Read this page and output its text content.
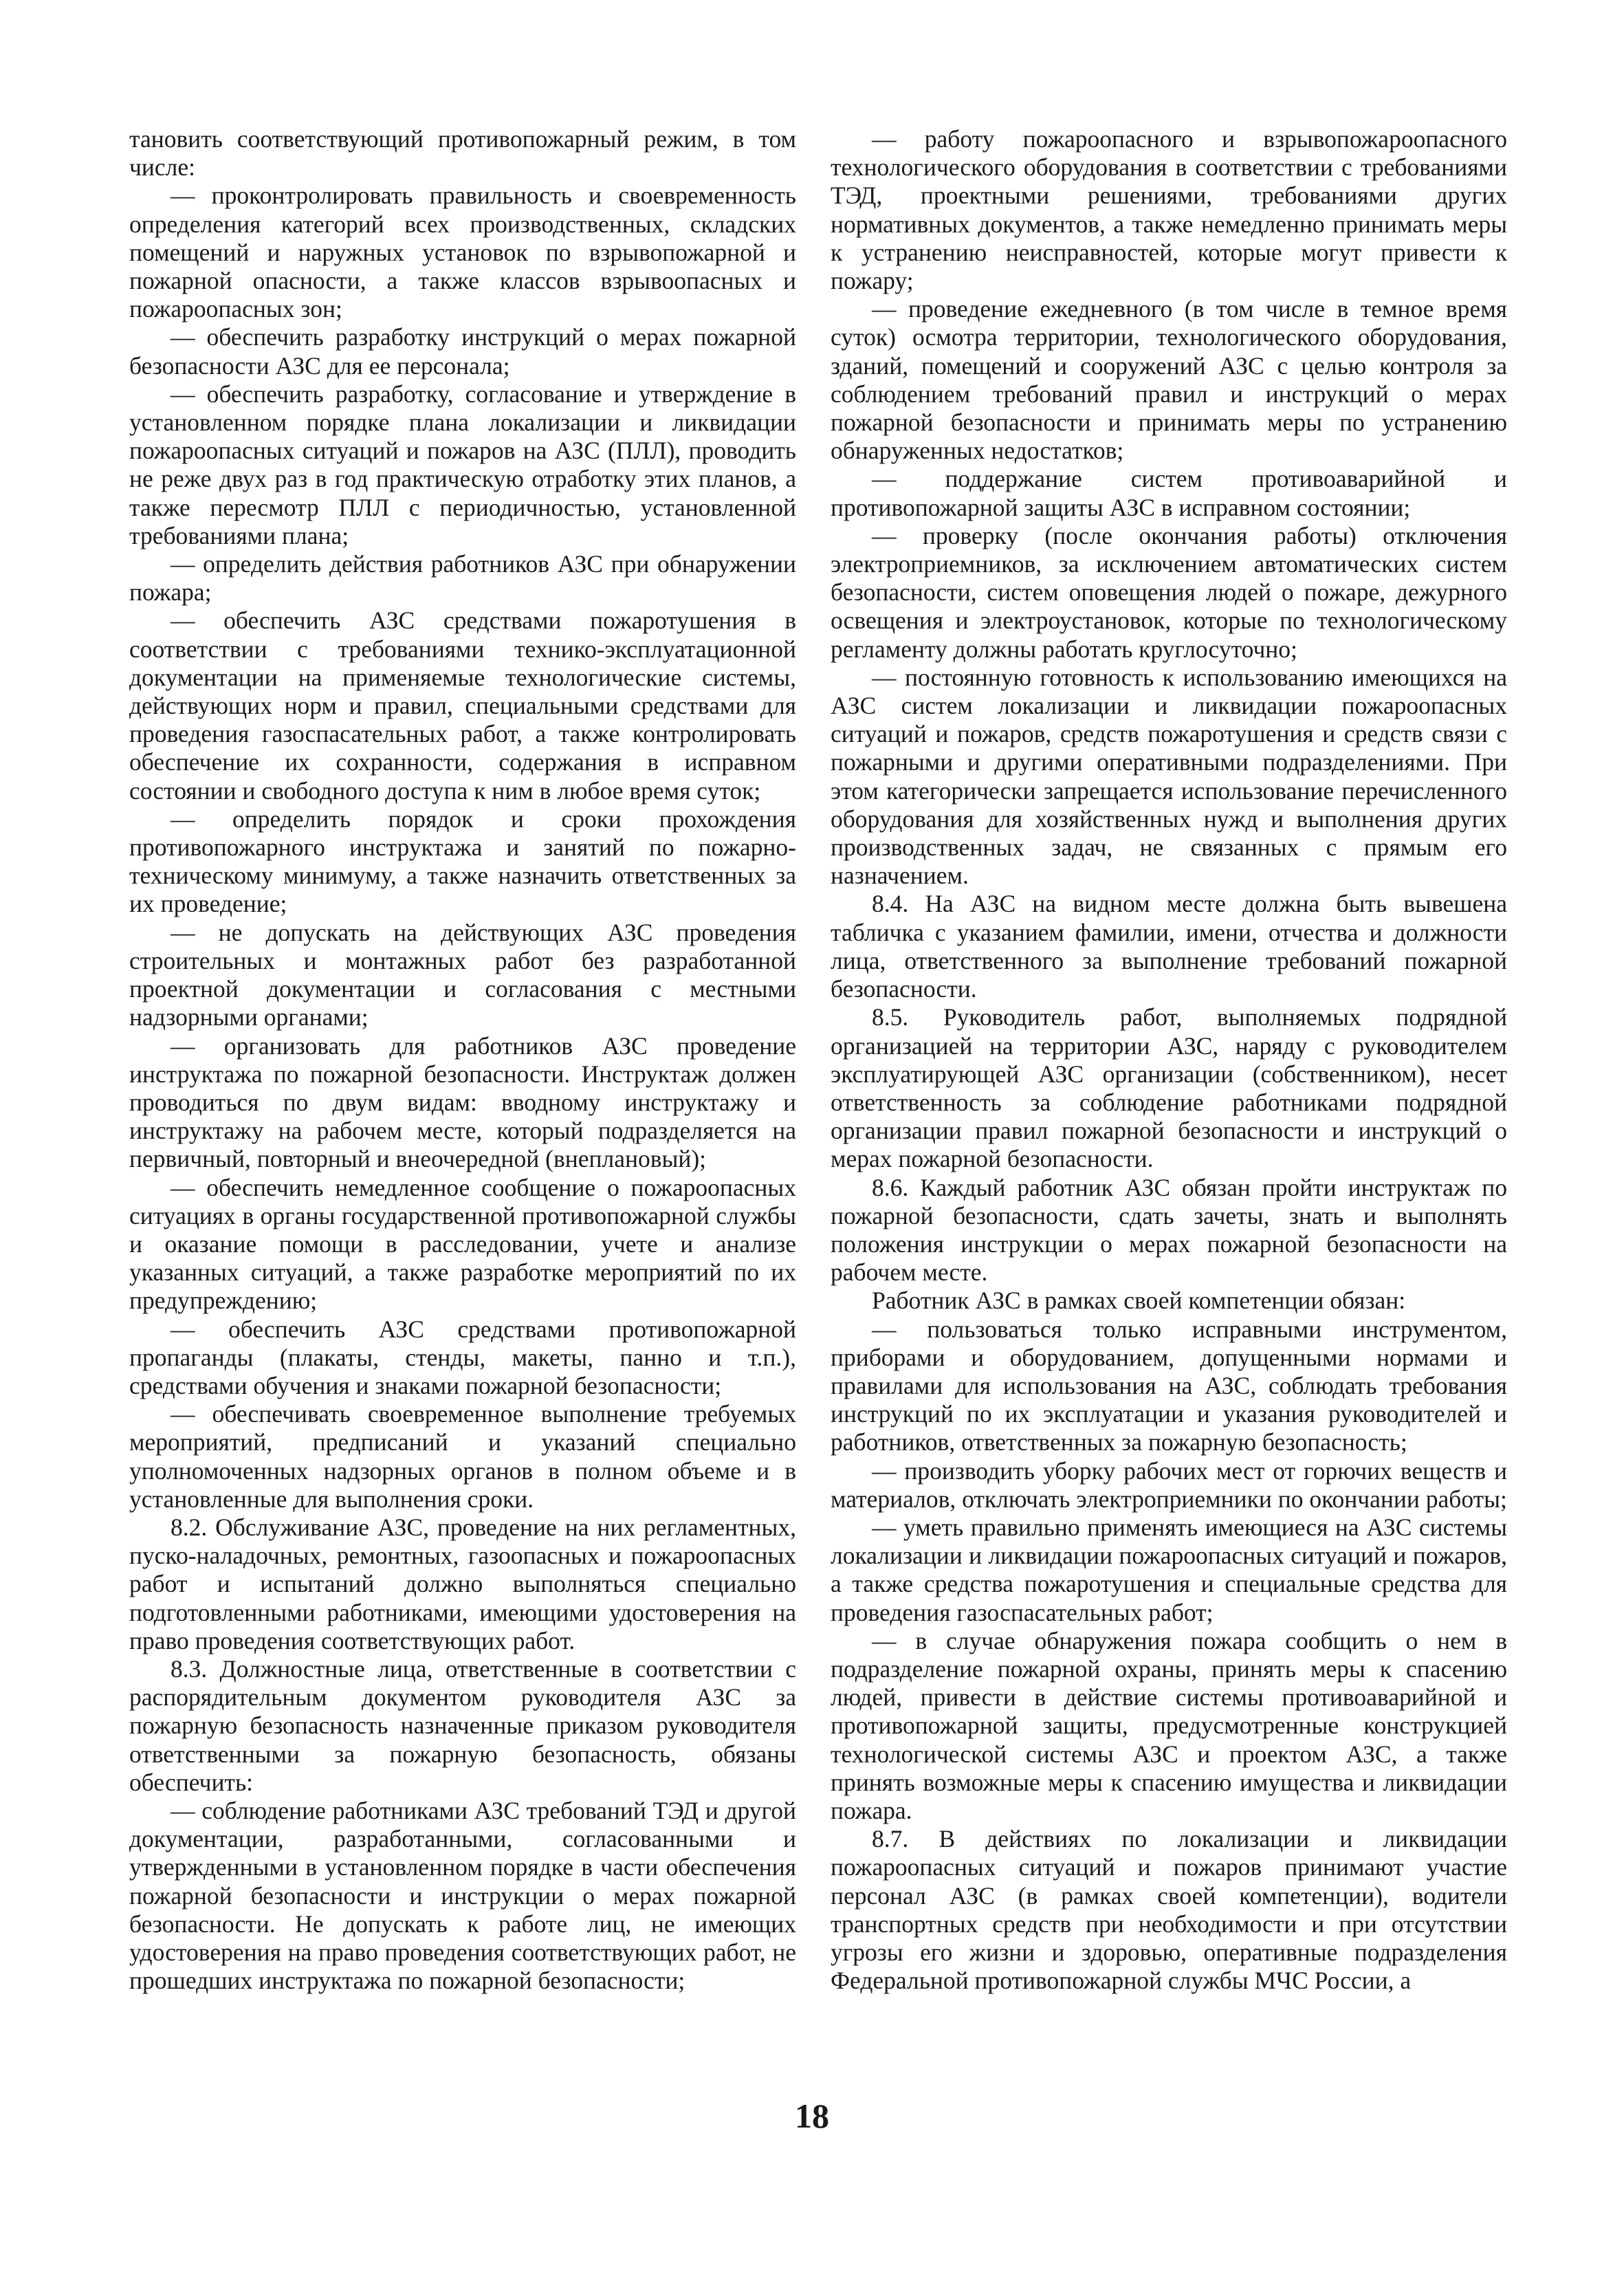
тановить соответствующий противопожарный режим, в том числе:

— проконтролировать правильность и своевременность определения категорий всех производственных, складских помещений и наружных установок по взрывопожарной и пожарной опасности, а также классов взрывоопасных и пожароопасных зон;

— обеспечить разработку инструкций о мерах пожарной безопасности АЗС для ее персонала;

— обеспечить разработку, согласование и утверждение в установленном порядке плана локализации и ликвидации пожароопасных ситуаций и пожаров на АЗС (ПЛЛ), проводить не реже двух раз в год практическую отработку этих планов, а также пересмотр ПЛЛ с периодичностью, установленной требованиями плана;

— определить действия работников АЗС при обнаружении пожара;

— обеспечить АЗС средствами пожаротушения в соответствии с требованиями технико-эксплуатационной документации на применяемые технологические системы, действующих норм и правил, специальными средствами для проведения газоспасательных работ, а также контролировать обеспечение их сохранности, содержания в исправном состоянии и свободного доступа к ним в любое время суток;

— определить порядок и сроки прохождения противопожарного инструктажа и занятий по пожарно-техническому минимуму, а также назначить ответственных за их проведение;

— не допускать на действующих АЗС проведения строительных и монтажных работ без разработанной проектной документации и согласования с местными надзорными органами;

— организовать для работников АЗС проведение инструктажа по пожарной безопасности. Инструктаж должен проводиться по двум видам: вводному инструктажу и инструктажу на рабочем месте, который подразделяется на первичный, повторный и внеочередной (внеплановый);

— обеспечить немедленное сообщение о пожароопасных ситуациях в органы государственной противопожарной службы и оказание помощи в расследовании, учете и анализе указанных ситуаций, а также разработке мероприятий по их предупреждению;

— обеспечить АЗС средствами противопожарной пропаганды (плакаты, стенды, макеты, панно и т.п.), средствами обучения и знаками пожарной безопасности;

— обеспечивать своевременное выполнение требуемых мероприятий, предписаний и указаний специально уполномоченных надзорных органов в полном объеме и в установленные для выполнения сроки.

8.2. Обслуживание АЗС, проведение на них регламентных, пуско-наладочных, ремонтных, газоопасных и пожароопасных работ и испытаний должно выполняться специально подготовленными работниками, имеющими удостоверения на право проведения соответствующих работ.

8.3. Должностные лица, ответственные в соответствии с распорядительным документом руководителя АЗС за пожарную безопасность назначенные приказом руководителя ответственными за пожарную безопасность, обязаны обеспечить:

— соблюдение работниками АЗС требований ТЭД и другой документации, разработанными, согласованными и утвержденными в установленном порядке в части обеспечения пожарной безопасности и инструкции о мерах пожарной безопасности. Не допускать к работе лиц, не имеющих удостоверения на право проведения соответствующих работ, не прошедших инструктажа по пожарной безопасности;

— работу пожароопасного и взрывопожароопасного технологического оборудования в соответствии с требованиями ТЭД, проектными решениями, требованиями других нормативных документов, а также немедленно принимать меры к устранению неисправностей, которые могут привести к пожару;

— проведение ежедневного (в том числе в темное время суток) осмотра территории, технологического оборудования, зданий, помещений и сооружений АЗС с целью контроля за соблюдением требований правил и инструкций о мерах пожарной безопасности и принимать меры по устранению обнаруженных недостатков;

— поддержание систем противоаварийной и противопожарной защиты АЗС в исправном состоянии;

— проверку (после окончания работы) отключения электроприемников, за исключением автоматических систем безопасности, систем оповещения людей о пожаре, дежурного освещения и электроустановок, которые по технологическому регламенту должны работать круглосуточно;

— постоянную готовность к использованию имеющихся на АЗС систем локализации и ликвидации пожароопасных ситуаций и пожаров, средств пожаротушения и средств связи с пожарными и другими оперативными подразделениями. При этом категорически запрещается использование перечисленного оборудования для хозяйственных нужд и выполнения других производственных задач, не связанных с прямым его назначением.

8.4. На АЗС на видном месте должна быть вывешена табличка с указанием фамилии, имени, отчества и должности лица, ответственного за выполнение требований пожарной безопасности.

8.5. Руководитель работ, выполняемых подрядной организацией на территории АЗС, наряду с руководителем эксплуатирующей АЗС организации (собственником), несет ответственность за соблюдение работниками подрядной организации правил пожарной безопасности и инструкций о мерах пожарной безопасности.

8.6. Каждый работник АЗС обязан пройти инструктаж по пожарной безопасности, сдать зачеты, знать и выполнять положения инструкции о мерах пожарной безопасности на рабочем месте.

Работник АЗС в рамках своей компетенции обязан:

— пользоваться только исправными инструментом, приборами и оборудованием, допущенными нормами и правилами для использования на АЗС, соблюдать требования инструкций по их эксплуатации и указания руководителей и работников, ответственных за пожарную безопасность;

— производить уборку рабочих мест от горючих веществ и материалов, отключать электроприемники по окончании работы;

— уметь правильно применять имеющиеся на АЗС системы локализации и ликвидации пожароопасных ситуаций и пожаров, а также средства пожаротушения и специальные средства для проведения газоспасательных работ;

— в случае обнаружения пожара сообщить о нем в подразделение пожарной охраны, принять меры к спасению людей, привести в действие системы противоаварийной и противопожарной защиты, предусмотренные конструкцией технологической системы АЗС и проектом АЗС, а также принять возможные меры к спасению имущества и ликвидации пожара.

8.7. В действиях по локализации и ликвидации пожароопасных ситуаций и пожаров принимают участие персонал АЗС (в рамках своей компетенции), водители транспортных средств при необходимости и при отсутствии угрозы его жизни и здоровью, оперативные подразделения Федеральной противопожарной службы МЧС России, а

18
